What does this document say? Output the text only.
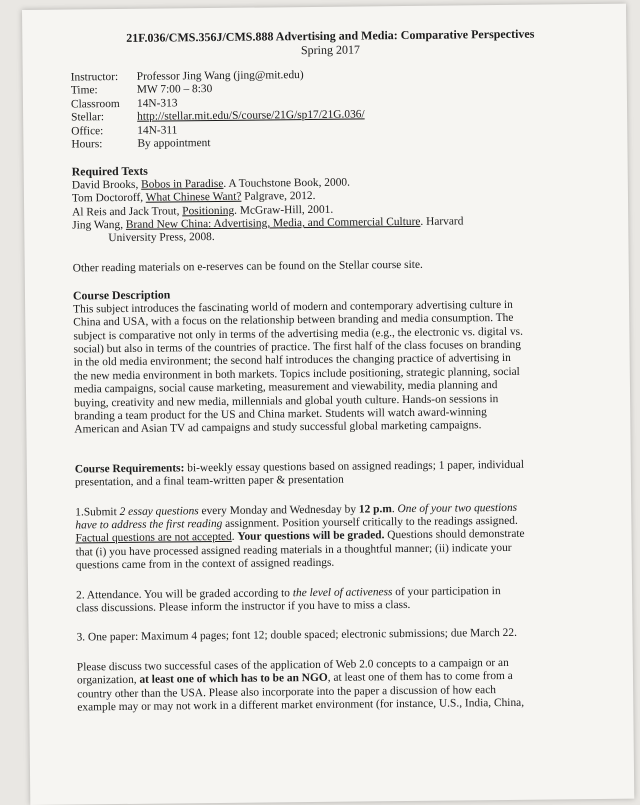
21F.036/CMS.356J/CMS.888 Advertising and Media: Comparative Perspectives
Spring 2017
Instructor:	Professor Jing Wang (jing@mit.edu)
Time:	MW 7:00 – 8:30
Classroom	14N-313
Stellar:	http://stellar.mit.edu/S/course/21G/sp17/21G.036/
Office:	14N-311
Hours:	By appointment
Required Texts

David Brooks, Bobos in Paradise. A Touchstone Book, 2000.

Tom Doctoroff, What Chinese Want? Palgrave, 2012.

Al Reis and Jack Trout, Positioning. McGraw-Hill, 2001.

Jing Wang, Brand New China: Advertising, Media, and Commercial Culture. Harvard

University Press, 2008.

Other reading materials on e-reserves can be found on the Stellar course site.

Course Description

This subject introduces the fascinating world of modern and contemporary advertising culture in

China and USA, with a focus on the relationship between branding and media consumption. The

subject is comparative not only in terms of the advertising media (e.g., the electronic vs. digital vs.

social) but also in terms of the countries of practice. The first half of the class focuses on branding

in the old media environment; the second half introduces the changing practice of advertising in

the new media environment in both markets. Topics include positioning, strategic planning, social

media campaigns, social cause marketing, measurement and viewability, media planning and

buying, creativity and new media, millennials and global youth culture. Hands-on sessions in

branding a team product for the US and China market. Students will watch award-winning

American and Asian TV ad campaigns and study successful global marketing campaigns.

Course Requirements: bi-weekly essay questions based on assigned readings; 1 paper, individual

presentation, and a final team-written paper & presentation

1.Submit 2 essay questions every Monday and Wednesday by 12 p.m. One of your two questions

have to address the first reading assignment. Position yourself critically to the readings assigned.

Factual questions are not accepted. Your questions will be graded. Questions should demonstrate

that (i) you have processed assigned reading materials in a thoughtful manner; (ii) indicate your

questions came from in the context of assigned readings.

2. Attendance. You will be graded according to the level of activeness of your participation in

class discussions. Please inform the instructor if you have to miss a class.

3. One paper: Maximum 4 pages; font 12; double spaced; electronic submissions; due March 22.

Please discuss two successful cases of the application of Web 2.0 concepts to a campaign or an

organization, at least one of which has to be an NGO, at least one of them has to come from a

country other than the USA. Please also incorporate into the paper a discussion of how each

example may or may not work in a different market environment (for instance, U.S., India, China,
